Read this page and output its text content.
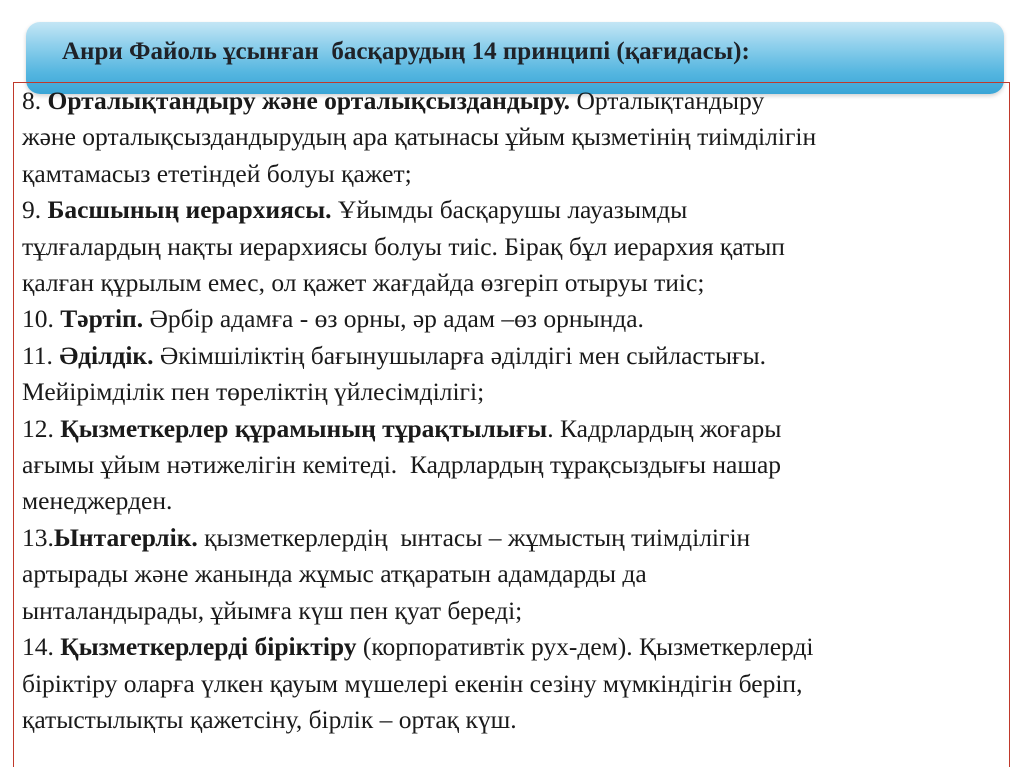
Анри Файоль ұсынған  басқарудың 14 принципі (қағидасы):
8. Орталықтандыру және орталықсыздандыру. Орталықтандыру
және орталықсыздандырудың ара қатынасы ұйым қызметінің тиімділігін
қамтамасыз ететіндей болуы қажет;
9. Басшының иерархиясы. Ұйымды басқарушы лауазымды
тұлғалардың нақты иерархиясы болуы тиіс. Бірақ бұл иерархия қатып
қалған құрылым емес, ол қажет жағдайда өзгеріп отыруы тиіс;
10. Тәртіп. Әрбір адамға - өз орны, әр адам –өз орнында.
11. Әділдік. Әкімшіліктің бағынушыларға әділдігі мен сыйластығы.
Мейірімділік пен төреліктің үйлесімділігі;
12. Қызметкерлер құрамының тұрақтылығы. Кадрлардың жоғары
ағымы ұйым нәтижелігін кемітеді.  Кадрлардың тұрақсыздығы нашар
менеджерден.
13.Ынтагерлік. қызметкерлердің  ынтасы – жұмыстың тиімділігін
артырады және жанында жұмыс атқаратын адамдарды да
ынталандырады, ұйымға күш пен қуат береді;
14. Қызметкерлерді біріктіру (корпоративтік рух-дем). Қызметкерлерді
біріктіру оларға үлкен қауым мүшелері екенін сезіну мүмкіндігін беріп,
қатыстылықты қажетсіну, бірлік – ортақ күш.
